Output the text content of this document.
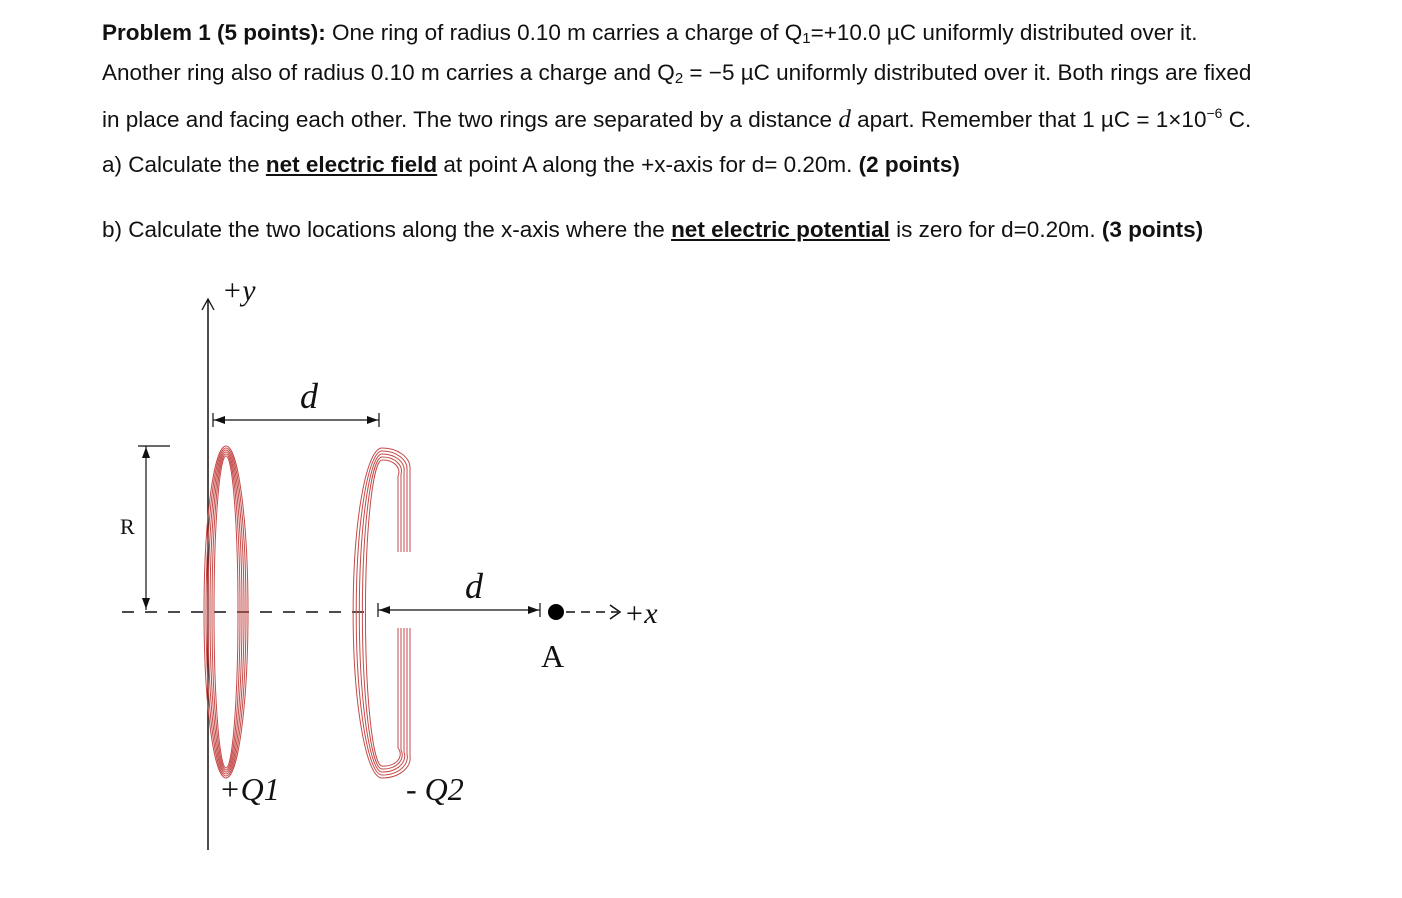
Problem 1 (5 points): One ring of radius 0.10 m carries a charge of $Q_1=+10.0$ µC uniformly distributed over it.
Another ring also of radius 0.10 m carries a charge and $Q_2 = -5$ µC uniformly distributed over it. Both rings are fixed
in place and facing each other. The two rings are separated by a distance d apart. Remember that 1 $\mu C = 1\times 10^{-6}$ C.
a) Calculate the net electric field at point A along the +x-axis for d= 0.20m. (2 points)
b) Calculate the two locations along the x-axis where the net electric potential is zero for d=0.20m. (3 points)
+y
d
R
d
A
+x
+Q1	- Q2
